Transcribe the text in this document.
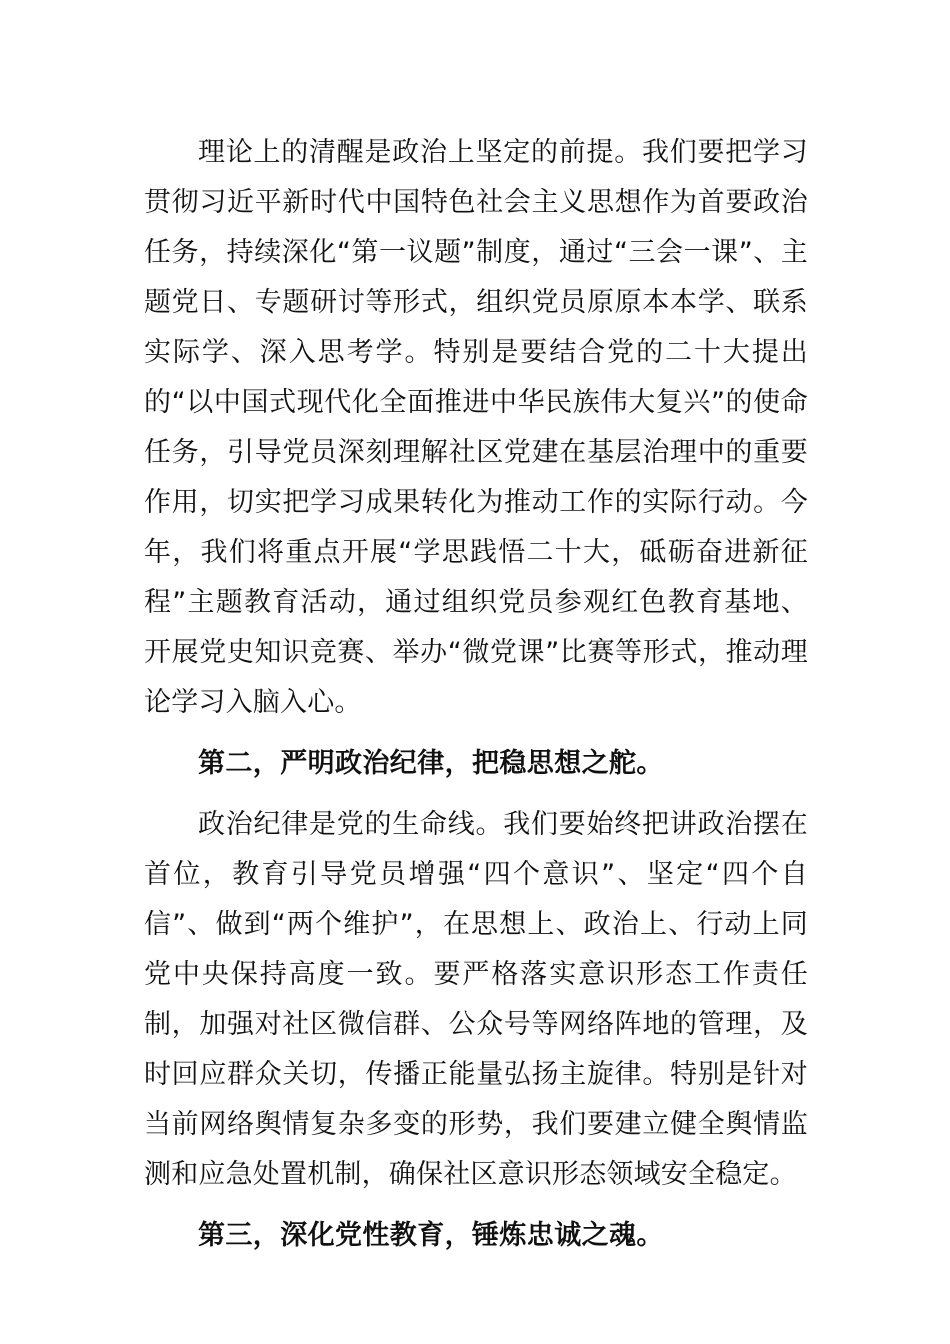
理论上的清醒是政治上坚定的前提。我们要把学习贯彻习近平新时代中国特色社会主义思想作为首要政治任务，持续深化“第一议题”制度，通过“三会一课”、主题党日、专题研讨等形式，组织党员原原本本学、联系实际学、深入思考学。特别是要结合党的二十大提出的“以中国式现代化全面推进中华民族伟大复兴”的使命任务，引导党员深刻理解社区党建在基层治理中的重要作用，切实把学习成果转化为推动工作的实际行动。今年，我们将重点开展“学思践悟二十大，砥砺奋进新征程”主题教育活动，通过组织党员参观红色教育基地、开展党史知识竞赛、举办“微党课”比赛等形式，推动理论学习入脑入心。

第二，严明政治纪律，把稳思想之舵。

政治纪律是党的生命线。我们要始终把讲政治摆在首位，教育引导党员增强“四个意识”、坚定“四个自信”、做到“两个维护”，在思想上、政治上、行动上同党中央保持高度一致。要严格落实意识形态工作责任制，加强对社区微信群、公众号等网络阵地的管理，及时回应群众关切，传播正能量弘扬主旋律。特别是针对当前网络舆情复杂多变的形势，我们要建立健全舆情监测和应急处置机制，确保社区意识形态领域安全稳定。

第三，深化党性教育，锤炼忠诚之魂。
